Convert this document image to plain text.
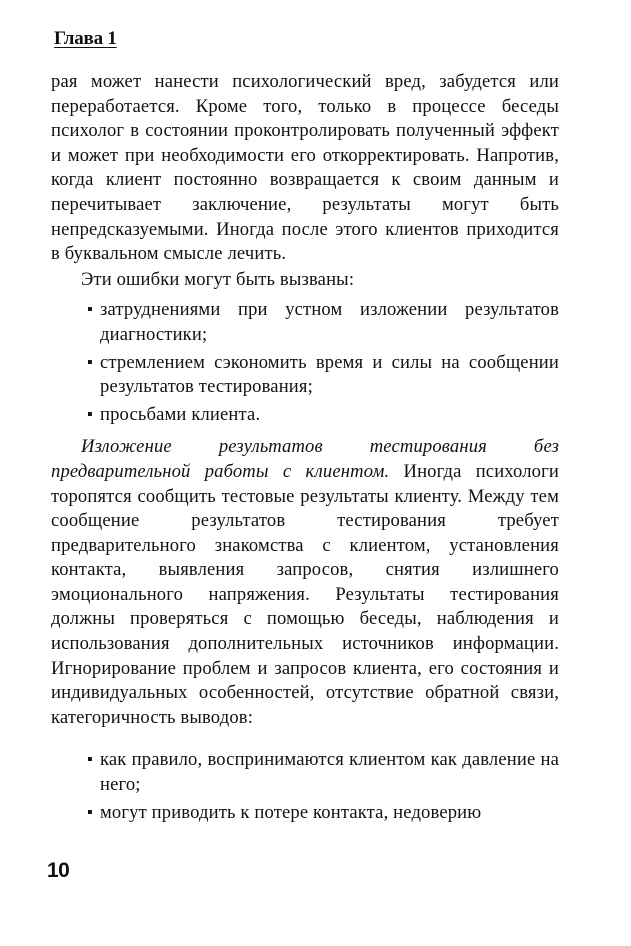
Глава 1

рая может нанести психологический вред, забудется или переработается. Кроме того, только в процессе беседы психолог в состоянии проконтролировать полученный эффект и может при необходимости его откорректировать. Напротив, когда клиент постоянно возвращается к своим данным и перечитывает заключение, результаты могут быть непредсказуемыми. Иногда после этого клиентов приходится в буквальном смысле лечить.

Эти ошибки могут быть вызваны:

▪ затруднениями при устном изложении результатов диагностики;
▪ стремлением сэкономить время и силы на сообщении результатов тестирования;
▪ просьбами клиента.

Изложение результатов тестирования без предварительной работы с клиентом. Иногда психологи торопятся сообщить тестовые результаты клиенту. Между тем сообщение результатов тестирования требует предварительного знакомства с клиентом, установления контакта, выявления запросов, снятия излишнего эмоционального напряжения. Результаты тестирования должны проверяться с помощью беседы, наблюдения и использования дополнительных источников информации. Игнорирование проблем и запросов клиента, его состояния и индивидуальных особенностей, отсутствие обратной связи, категоричность выводов:

▪ как правило, воспринимаются клиентом как давление на него;
▪ могут приводить к потере контакта, недоверию
10
